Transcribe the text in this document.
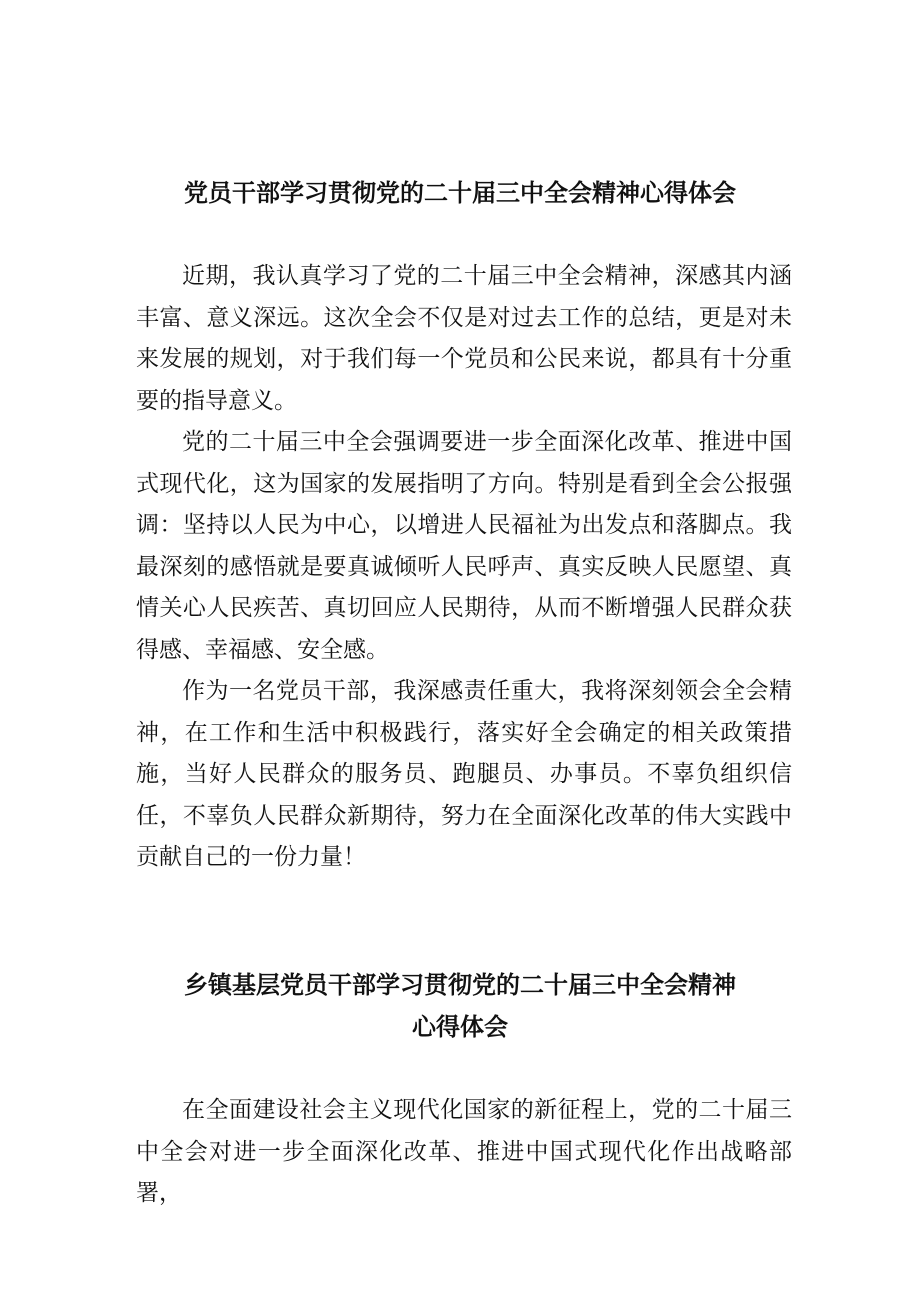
党员干部学习贯彻党的二十届三中全会精神心得体会

近期，我认真学习了党的二十届三中全会精神，深感其内涵丰富、意义深远。这次全会不仅是对过去工作的总结，更是对未来发展的规划，对于我们每一个党员和公民来说，都具有十分重要的指导意义。

党的二十届三中全会强调要进一步全面深化改革、推进中国式现代化，这为国家的发展指明了方向。特别是看到全会公报强调：坚持以人民为中心，以增进人民福祉为出发点和落脚点。我最深刻的感悟就是要真诚倾听人民呼声、真实反映人民愿望、真情关心人民疾苦、真切回应人民期待，从而不断增强人民群众获得感、幸福感、安全感。

作为一名党员干部，我深感责任重大，我将深刻领会全会精神，在工作和生活中积极践行，落实好全会确定的相关政策措施，当好人民群众的服务员、跑腿员、办事员。不辜负组织信任，不辜负人民群众新期待，努力在全面深化改革的伟大实践中贡献自己的一份力量！

乡镇基层党员干部学习贯彻党的二十届三中全会精神
心得体会

在全面建设社会主义现代化国家的新征程上，党的二十届三中全会对进一步全面深化改革、推进中国式现代化作出战略部署，
